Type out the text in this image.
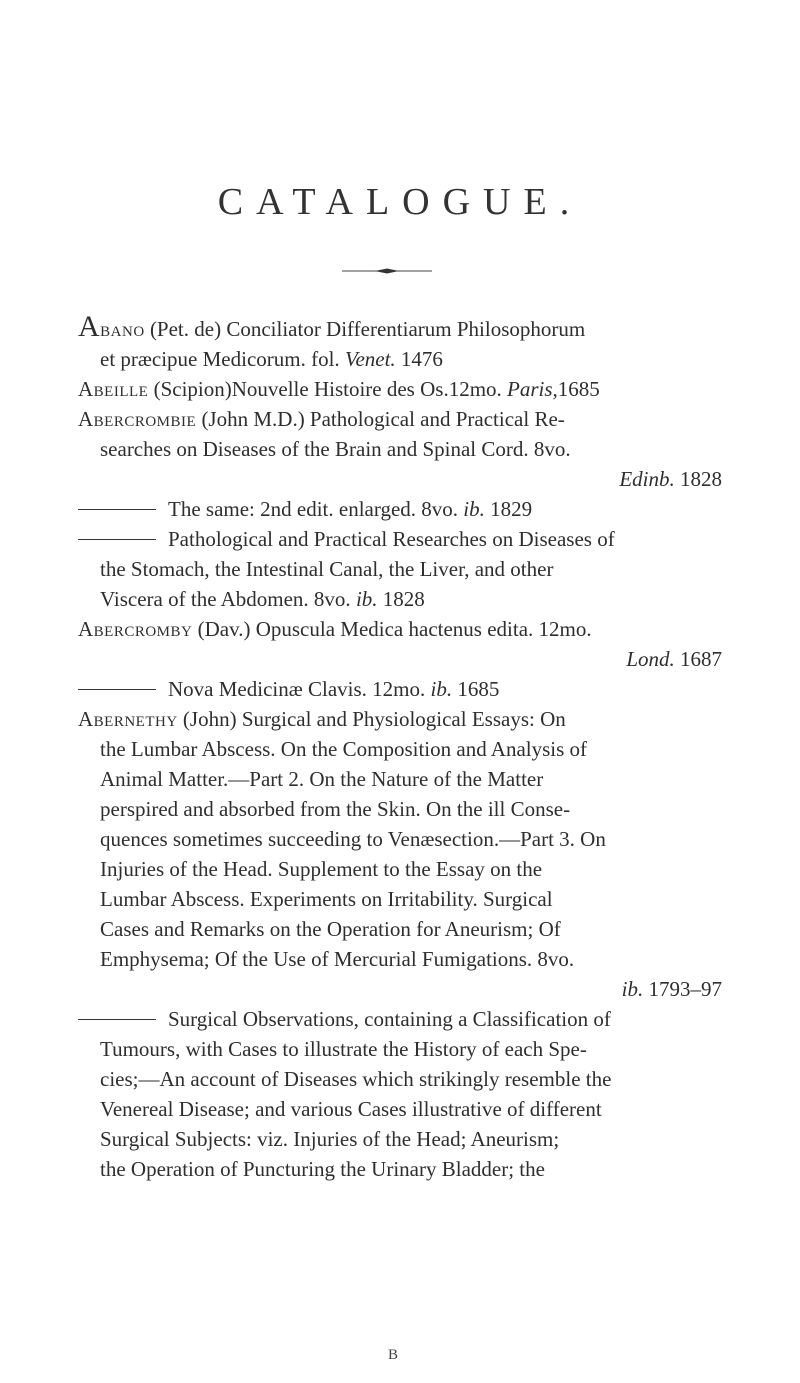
CATALOGUE.
Abano (Pet. de) Conciliator Differentiarum Philosophorum
et præcipue Medicorum. fol. Venet. 1476
Abeille (Scipion)Nouvelle Histoire des Os.12mo. Paris,1685
Abercrombie (John M.D.) Pathological and Practical Re-
searches on Diseases of the Brain and Spinal Cord. 8vo.
Edinb. 1828
The same: 2nd edit. enlarged. 8vo. ib. 1829
Pathological and Practical Researches on Diseases of
the Stomach, the Intestinal Canal, the Liver, and other
Viscera of the Abdomen. 8vo. ib. 1828
Abercromby (Dav.) Opuscula Medica hactenus edita. 12mo.
Lond. 1687
Nova Medicinæ Clavis. 12mo. ib. 1685
Abernethy (John) Surgical and Physiological Essays: On
the Lumbar Abscess. On the Composition and Analysis of
Animal Matter.—Part 2. On the Nature of the Matter
perspired and absorbed from the Skin. On the ill Conse-
quences sometimes succeeding to Venæsection.—Part 3. On
Injuries of the Head. Supplement to the Essay on the
Lumbar Abscess. Experiments on Irritability. Surgical
Cases and Remarks on the Operation for Aneurism; Of
Emphysema; Of the Use of Mercurial Fumigations. 8vo.
ib. 1793–97
Surgical Observations, containing a Classification of
Tumours, with Cases to illustrate the History of each Spe-
cies;—An account of Diseases which strikingly resemble the
Venereal Disease; and various Cases illustrative of different
Surgical Subjects: viz. Injuries of the Head; Aneurism;
the Operation of Puncturing the Urinary Bladder; the
B
